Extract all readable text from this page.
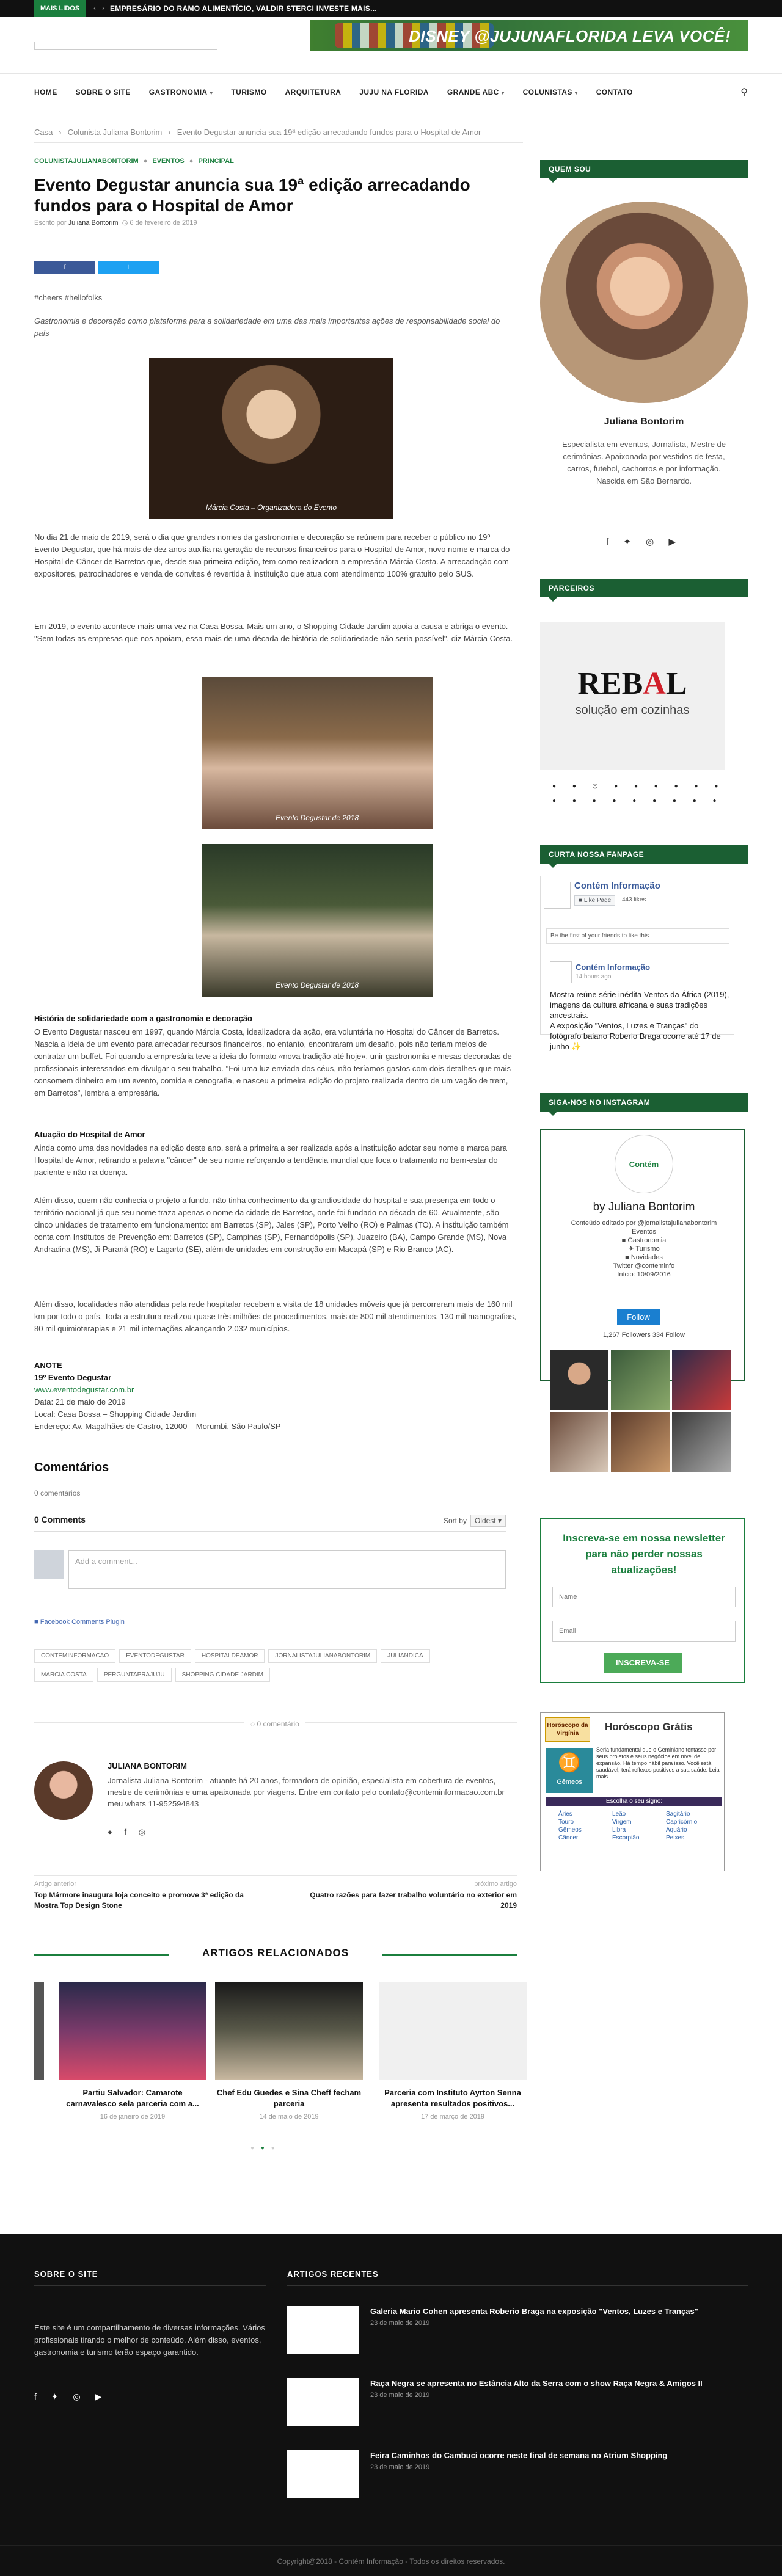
MAIS LIDOS	‹ › EMPRESÁRIO DO RAMO ALIMENTÍCIO, VALDIR STERCI INVESTE MAIS...
DISNEY @JUJUNAFLORIDA LEVA VOCÊ!
HOME	SOBRE O SITE	GASTRONOMIA ▾	TURISMO	ARQUITETURA	JUJU NA FLORIDA	GRANDE ABC ▾	COLUNISTAS ▾	CONTATO	⚲
Casa › Colunista Juliana Bontorim › Evento Degustar anuncia sua 19ª edição arrecadando fundos para o Hospital de Amor
COLUNISTAJULIANABONTORIM ● EVENTOS ● PRINCIPAL
Evento Degustar anuncia sua 19ª edição arrecadando fundos para o Hospital de Amor
Escrito por Juliana Bontorim ◷ 6 de fevereiro de 2019
f	t
#cheers #hellofolks

Gastronomia e decoração como plataforma para a solidariedade em uma das mais importantes ações de responsabilidade social do país

Márcia Costa – Organizadora do Evento

No dia 21 de maio de 2019, será o dia que grandes nomes da gastronomia e decoração se reúnem para receber o público no 19º Evento Degustar, que há mais de dez anos auxilia na geração de recursos financeiros para o Hospital de Amor, novo nome e marca do Hospital de Câncer de Barretos que, desde sua primeira edição, tem como realizadora a empresária Márcia Costa. A arrecadação com expositores, patrocinadores e venda de convites é revertida à instituição que atua com atendimento 100% gratuito pelo SUS.

Em 2019, o evento acontece mais uma vez na Casa Bossa. Mais um ano, o Shopping Cidade Jardim apoia a causa e abriga o evento. "Sem todas as empresas que nos apoiam, essa mais de uma década de história de solidariedade não seria possível", diz Márcia Costa.

Evento Degustar de 2018
Evento Degustar de 2018
História de solidariedade com a gastronomia e decoração

O Evento Degustar nasceu em 1997, quando Márcia Costa, idealizadora da ação, era voluntária no Hospital do Câncer de Barretos. Nascia a ideia de um evento para arrecadar recursos financeiros, no entanto, encontraram um desafio, pois não teriam meios de contratar um buffet. Foi quando a empresária teve a ideia do formato «nova tradição até hoje», unir gastronomia e mesas decoradas de profissionais interessados em divulgar o seu trabalho. "Foi uma luz enviada dos céus, não teríamos gastos com dois detalhes que mais consomem dinheiro em um evento, comida e cenografia, e nasceu a primeira edição do projeto realizada dentro de um vagão de trem, em Barretos", lembra a empresária.

Atuação do Hospital de Amor

Ainda como uma das novidades na edição deste ano, será a primeira a ser realizada após a instituição adotar seu nome e marca para Hospital de Amor, retirando a palavra "câncer" de seu nome reforçando a tendência mundial que foca o tratamento no bem-estar do paciente e não na doença.

Além disso, quem não conhecia o projeto a fundo, não tinha conhecimento da grandiosidade do hospital e sua presença em todo o território nacional já que seu nome traza apenas o nome da cidade de Barretos, onde foi fundado na década de 60. Atualmente, são cinco unidades de tratamento em funcionamento: em Barretos (SP), Jales (SP), Porto Velho (RO) e Palmas (TO). A instituição também conta com Institutos de Prevenção em: Barretos (SP), Campinas (SP), Fernandópolis (SP), Juazeiro (BA), Campo Grande (MS), Nova Andradina (MS), Ji-Paraná (RO) e Lagarto (SE), além de unidades em construção em Macapá (SP) e Rio Branco (AC).

Além disso, localidades não atendidas pela rede hospitalar recebem a visita de 18 unidades móveis que já percorreram mais de 160 mil km por todo o país. Toda a estrutura realizou quase três milhões de procedimentos, mais de 800 mil atendimentos, 130 mil mamografias, 80 mil quimioterapias e 21 mil internações alcançando 2.032 municípios.

ANOTE
19º Evento Degustar
www.eventodegustar.com.br
Data: 21 de maio de 2019
Local: Casa Bossa – Shopping Cidade Jardim
Endereço: Av. Magalhães de Castro, 12000 – Morumbi, São Paulo/SP
Comentários
0 comentários
0 Comments	Sort by Oldest ▾
Add a comment...
■ Facebook Comments Plugin
CONTEMINFORMACAO	EVENTODEGUSTAR	HOSPITALDEAMOR	JORNALISTAJULIANABONTORIM	JULIANDICA
MARCIA COSTA	PERGUNTAPRAJUJU	SHOPPING CIDADE JARDIM
◌ 0 comentário
JULIANA BONTORIM
Jornalista Juliana Bontorim - atuante há 20 anos, formadora de opinião, especialista em cobertura de eventos, mestre de cerimônias e uma apaixonada por viagens. Entre em contato pelo contato@conteminformacao.com.br meu whats 11-952594843
● f ◎
Artigo anterior	próximo artigo
Top Mármore inaugura loja conceito e promove 3ª edição da Mostra Top Design Stone
Quatro razões para fazer trabalho voluntário no exterior em 2019
ARTIGOS RELACIONADOS
Partiu Salvador: Camarote carnavalesco sela parceria com a...
16 de janeiro de 2019
Chef Edu Guedes e Sina Cheff fecham parceria
14 de maio de 2019
Parceria com Instituto Ayrton Senna apresenta resultados positivos...
17 de março de 2019
● ● ●
QUEM SOU
Juliana Bontorim
Especialista em eventos, Jornalista, Mestre de cerimônias. Apaixonada por vestidos de festa, carros, futebol, cachorros e por informação. Nascida em São Bernardo.
f ✦ ◎ ▶
PARCEIROS
REBAL
solução em cozinhas
● ● ◎ ● ● ● ● ● ● ● ● ● ● ● ● ● ● ●
CURTA NOSSA FANPAGE
Contém Informação
■ Like Page	443 likes
Be the first of your friends to like this
Contém Informação
14 hours ago
Mostra reúne série inédita Ventos da África (2019), imagens da cultura africana e suas tradições ancestrais.
A exposição "Ventos, Luzes e Tranças" do fotógrafo baiano Roberio Braga ocorre até 17 de junho ✨
SIGA-NOS NO INSTAGRAM
Contém
by Juliana Bontorim
Conteúdo editado por @jornalistajulianabontorim
Eventos
■ Gastronomia
✈ Turismo
■ Novidades
Twitter @conteminfo
Início: 10/09/2016
Follow
1,267 Followers 334 Follow
Inscreva-se em nossa newsletter para não perder nossas atualizações!
Name
Email
INSCREVA-SE
Horóscopo da Virgínia
Horóscopo Grátis
♊
Gêmeos
Seria fundamental que o Geminiano tentasse por seus projetos e seus negócios em nível de expansão. Há tempo hábil para isso. Você está saudável; terá reflexos positivos a sua saúde. Leia mais
Escolha o seu signo:
Áries	Leão	Sagitário
Touro	Virgem	Capricórnio
Gêmeos	Libra	Aquário
Câncer	Escorpião	Peixes
SOBRE O SITE
Este site é um compartilhamento de diversas informações. Vários profissionais tirando o melhor de conteúdo. Além disso, eventos, gastronomia e turismo terão espaço garantido.
f ✦ ◎ ▶
ARTIGOS RECENTES
Galeria Mario Cohen apresenta Roberio Braga na exposição "Ventos, Luzes e Tranças"
23 de maio de 2019
Raça Negra se apresenta no Estância Alto da Serra com o show Raça Negra & Amigos II
23 de maio de 2019
Feira Caminhos do Cambuci ocorre neste final de semana no Atrium Shopping
23 de maio de 2019
Copyright@2018 - Contém Informação - Todos os direitos reservados.
